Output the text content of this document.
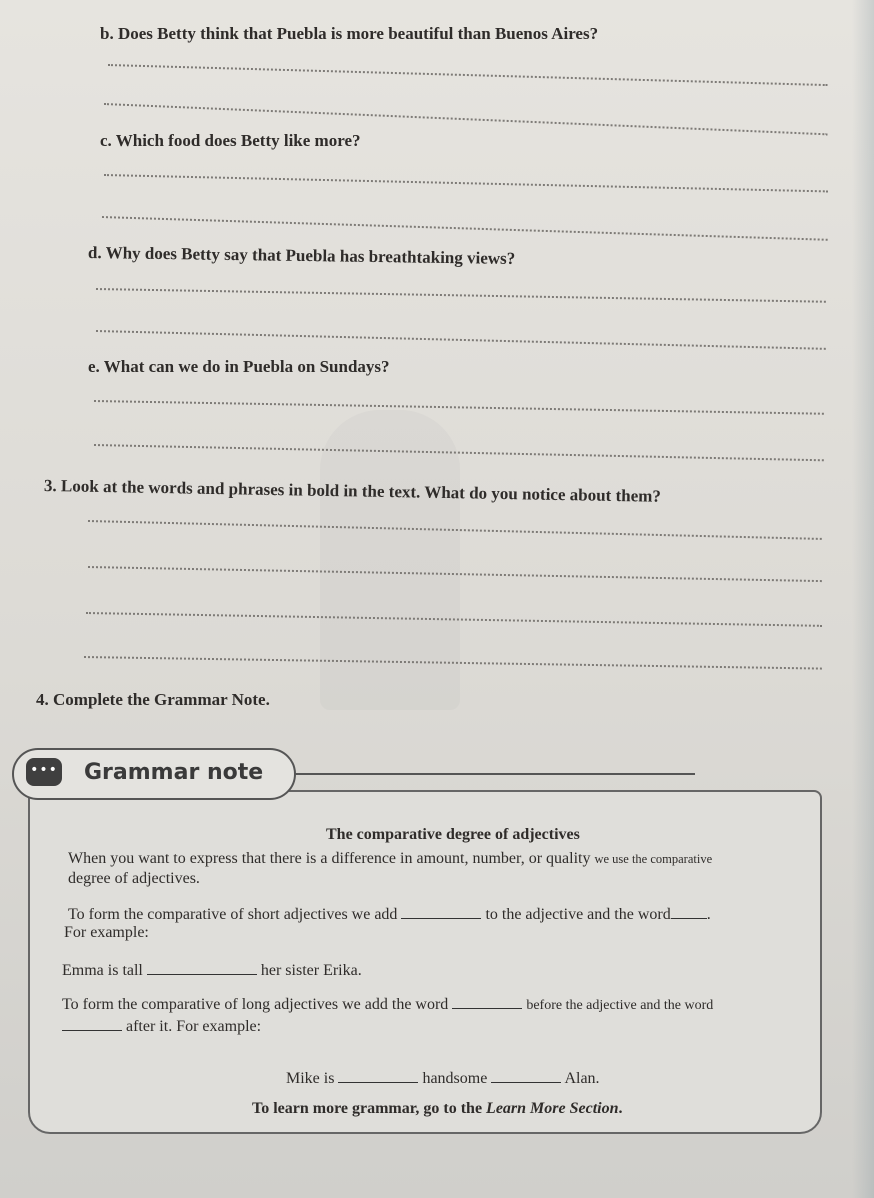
b. Does Betty think that Puebla is more beautiful than Buenos Aires?
c. Which food does Betty like more?
d. Why does Betty say that Puebla has breathtaking views?
e. What can we do in Puebla on Sundays?
3. Look at the words and phrases in bold in the text. What do you notice about them?
4. Complete the Grammar Note.
••• Grammar note
The comparative degree of adjectives
When you want to express that there is a difference in amount, number, or quality we use the comparative
degree of adjectives.
To form the comparative of short adjectives we add	to the adjective and the word .
For example:
Emma is tall	her sister Erika.
To form the comparative of long adjectives we add the word	before the adjective and the word
after it. For example:
Mike is	handsome	Alan.
To learn more grammar, go to the Learn More Section.
